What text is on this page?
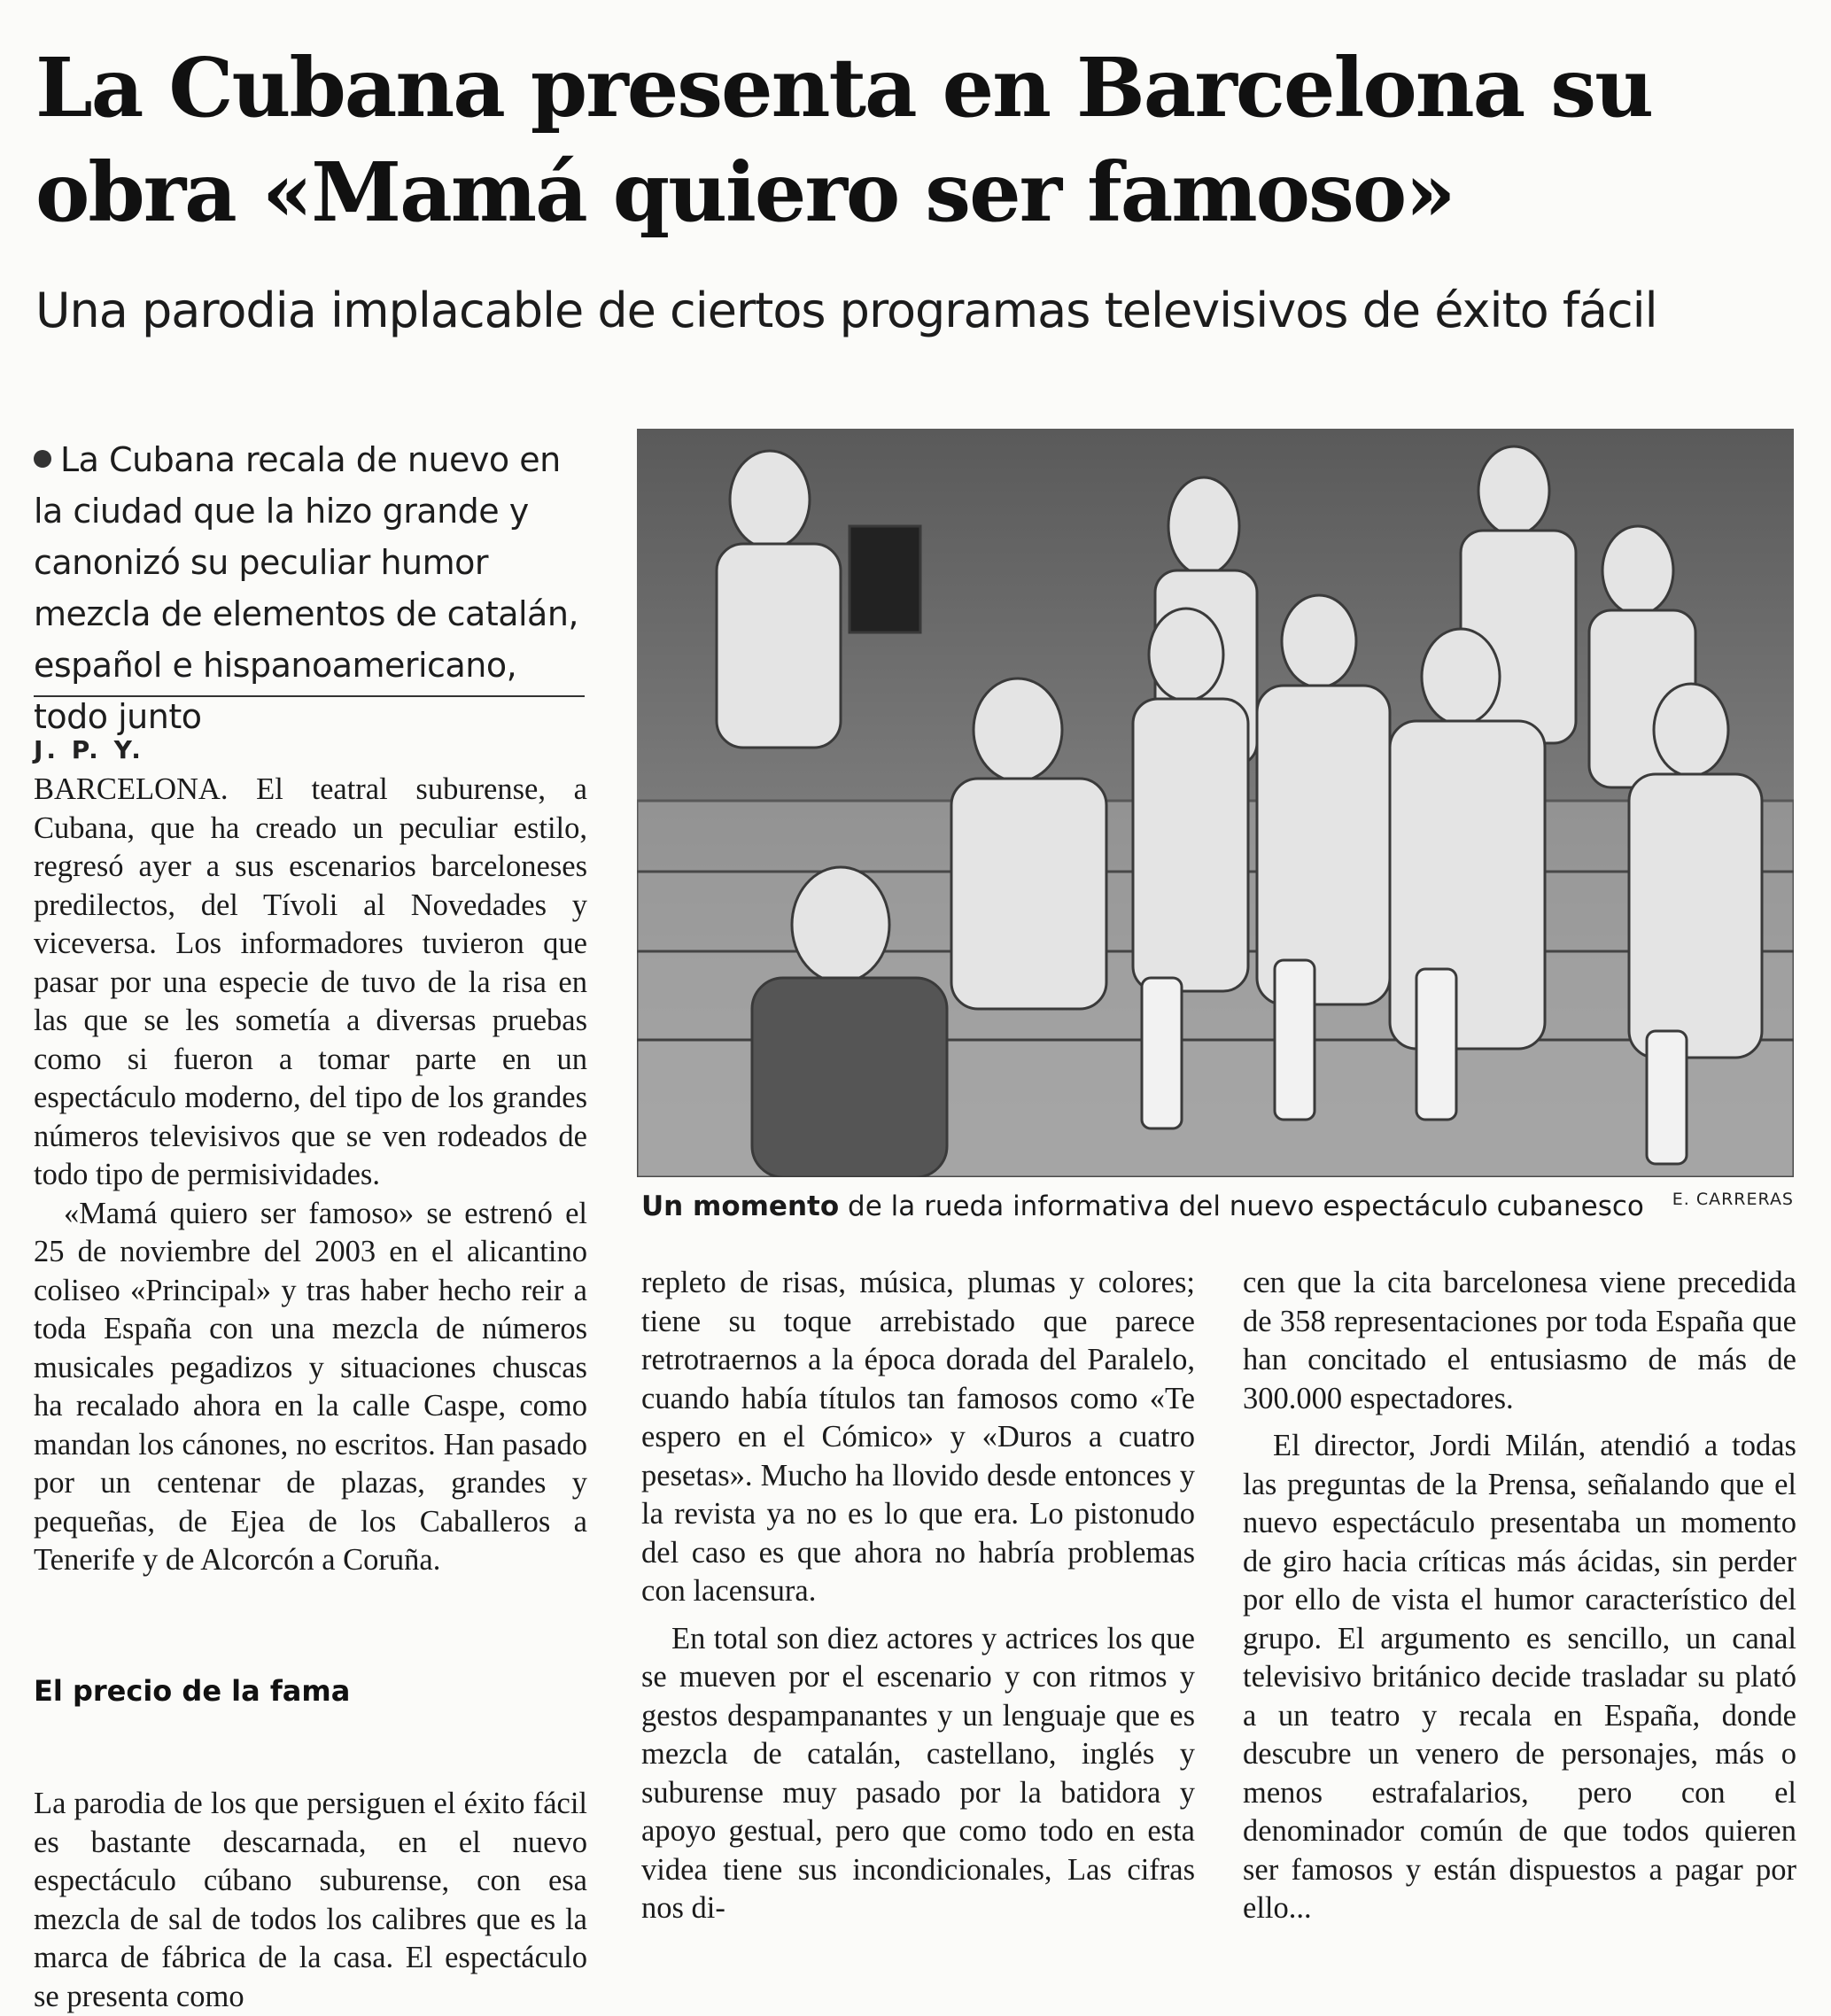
La Cubana presenta en Barcelona su
obra «Mamá quiero ser famoso»
Una parodia implacable de ciertos programas televisivos de éxito fácil

La Cubana recala de nuevo en la ciudad que la hizo grande y canonizó su peculiar humor mezcla de elementos de catalán, español e hispanoamericano, todo junto

J. P. Y.

BARCELONA. El teatral suburense, a Cubana, que ha creado un peculiar estilo, regresó ayer a sus escenarios barceloneses predilectos, del Tívoli al Novedades y viceversa. Los informadores tuvieron que pasar por una especie de tuvo de la risa en las que se les sometía a diversas pruebas como si fueron a tomar parte en un espectáculo moderno, del tipo de los grandes números televisivos que se ven rodeados de todo tipo de permisividades.

«Mamá quiero ser famoso» se estrenó el 25 de noviembre del 2003 en el alicantino coliseo «Principal» y tras haber hecho reir a toda España con una mezcla de números musicales pegadizos y situaciones chuscas ha recalado ahora en la calle Caspe, como mandan los cánones, no escritos. Han pasado por un centenar de plazas, grandes y pequeñas, de Ejea de los Caballeros a Tenerife y de Alcorcón a Coruña.

El precio de la fama

La parodia de los que persiguen el éxito fácil es bastante descarnada, en el nuevo espectáculo cúbano suburense, con esa mezcla de sal de todos los calibres que es la marca de fábrica de la casa. El espectáculo se presenta como

Un momento de la rueda informativa del nuevo espectáculo cubanesco	E. CARRERAS

repleto de risas, música, plumas y colores; tiene su toque arrebistado que parece retrotraernos a la época dorada del Paralelo, cuando había títulos tan famosos como «Te espero en el Cómico» y «Duros a cuatro pesetas». Mucho ha llovido desde entonces y la revista ya no es lo que era. Lo pistonudo del caso es que ahora no habría problemas con lacensura.

En total son diez actores y actrices los que se mueven por el escenario y con ritmos y gestos despampanantes y un lenguaje que es mezcla de catalán, castellano, inglés y suburense muy pasado por la batidora y apoyo gestual, pero que como todo en esta videa tiene sus incondicionales, Las cifras nos di-

cen que la cita barcelonesa viene precedida de 358 representaciones por toda España que han concitado el entusiasmo de más de 300.000 espectadores.

El director, Jordi Milán, atendió a todas las preguntas de la Prensa, señalando que el nuevo espectáculo presentaba un momento de giro hacia críticas más ácidas, sin perder por ello de vista el humor característico del grupo. El argumento es sencillo, un canal televisivo británico decide trasladar su plató a un teatro y recala en España, donde descubre un venero de personajes, más o menos estrafalarios, pero con el denominador común de que todos quieren ser famosos y están dispuestos a pagar por ello...
